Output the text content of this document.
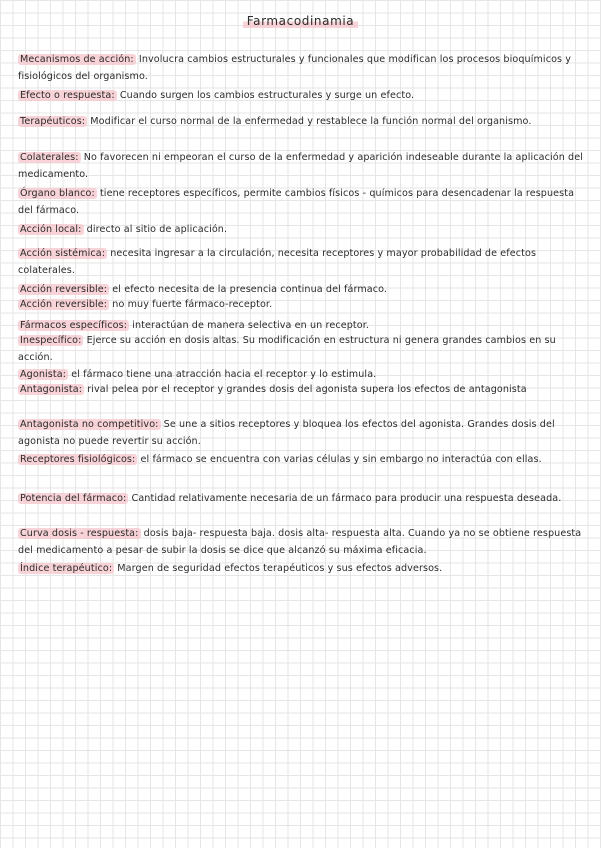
Farmacodinamia
Mecanismos de acción: Involucra cambios estructurales y funcionales que modifican los procesos bioquímicos y fisiológicos del organismo.
Efecto o respuesta: Cuando surgen los cambios estructurales y surge un efecto.
Terapéuticos: Modificar el curso normal de la enfermedad y restablece la función normal del organismo.
Colaterales: No favorecen ni empeoran el curso de la enfermedad y aparición indeseable durante la aplicación del medicamento.
Órgano blanco: tiene receptores específicos, permite cambios físicos - químicos para desencadenar la respuesta del fármaco.
Acción local: directo al sitio de aplicación.
Acción sistémica: necesita ingresar a la circulación, necesita receptores y mayor probabilidad de efectos colaterales.
Acción reversible: el efecto necesita de la presencia continua del fármaco.
Acción reversible: no muy fuerte fármaco-receptor.
Fármacos específicos: interactúan de manera selectiva en un receptor.
Inespecífico: Ejerce su acción en dosis altas. Su modificación en estructura ni genera grandes cambios en su acción.
Agonista: el fármaco tiene una atracción hacia el receptor y lo estimula.
Antagonista: rival pelea por el receptor y grandes dosis del agonista supera los efectos de antagonista
Antagonista no competitivo: Se une a sitios receptores y bloquea los efectos del agonista. Grandes dosis del agonista no puede revertir su acción.
Receptores fisiológicos: el fármaco se encuentra con varias células y sin embargo no interactúa con ellas.
Potencia del fármaco: Cantidad relativamente necesaria de un fármaco para producir una respuesta deseada.
Curva dosis - respuesta: dosis baja- respuesta baja. dosis alta- respuesta alta. Cuando ya no se obtiene respuesta del medicamento a pesar de subir la dosis se dice que alcanzó su máxima eficacia.
Índice terapéutico: Margen de seguridad efectos terapéuticos y sus efectos adversos.
